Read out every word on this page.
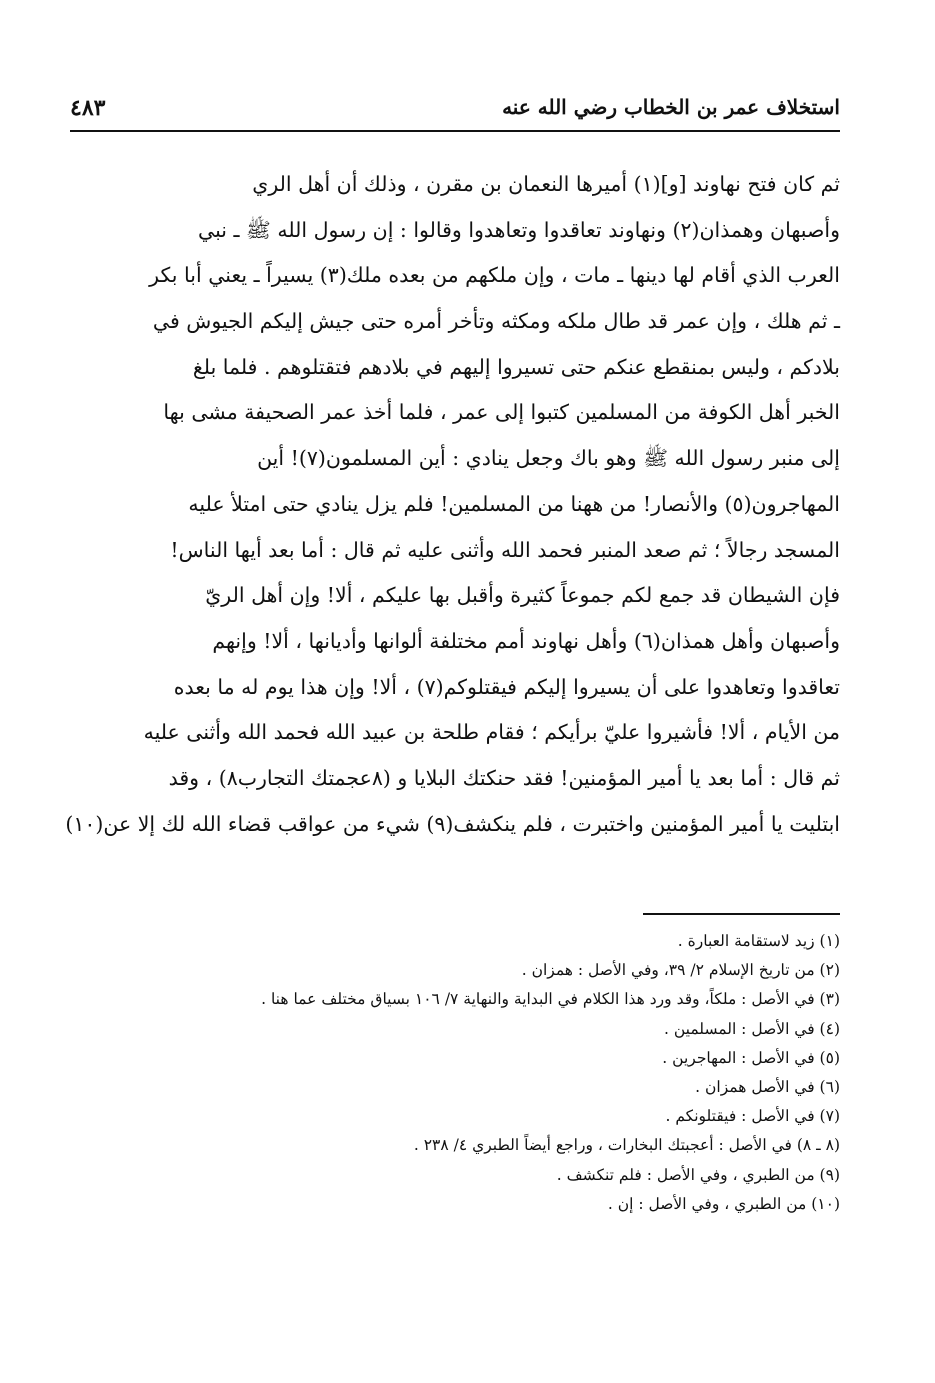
استخلاف عمر بن الخطاب رضي الله عنه
٤٨٣
ثم كان فتح نهاوند [و](١) أميرها النعمان بن مقرن ، وذلك أن أهل الري
وأصبهان وهمذان(٢) ونهاوند تعاقدوا وتعاهدوا وقالوا : إن رسول الله ﷺ ـ نبي
العرب الذي أقام لها دينها ـ مات ، وإن ملكهم من بعده ملك(٣) يسيراً ـ يعني أبا بكر
ـ ثم هلك ، وإن عمر قد طال ملكه ومكثه وتأخر أمره حتى جيش إليكم الجيوش في
بلادكم ، وليس بمنقطع عنكم حتى تسيروا إليهم في بلادهم فتقتلوهم . فلما بلغ
الخبر أهل الكوفة من المسلمين كتبوا إلى عمر ، فلما أخذ عمر الصحيفة مشى بها
إلى منبر رسول الله ﷺ وهو باك وجعل ينادي : أين المسلمون(٧)! أين
المهاجرون(٥) والأنصار! من ههنا من المسلمين! فلم يزل ينادي حتى امتلأ عليه
المسجد رجالاً ؛ ثم صعد المنبر فحمد الله وأثنى عليه ثم قال : أما بعد أيها الناس!
فإن الشيطان قد جمع لكم جموعاً كثيرة وأقبل بها عليكم ، ألا! وإن أهل الريّ
وأصبهان وأهل همذان(٦) وأهل نهاوند أمم مختلفة ألوانها وأديانها ، ألا! وإنهم
تعاقدوا وتعاهدوا على أن يسيروا إليكم فيقتلوكم(٧) ، ألا! وإن هذا يوم له ما بعده
من الأيام ، ألا! فأشيروا عليّ برأيكم ؛ فقام طلحة بن عبيد الله فحمد الله وأثنى عليه
ثم قال : أما بعد يا أمير المؤمنين! فقد حنكتك البلايا و (٨عجمتك التجارب٨) ، وقد
ابتليت يا أمير المؤمنين واختبرت ، فلم ينكشف(٩) شيء من عواقب قضاء الله لك إلا عن(١٠)
(١) زيد لاستقامة العبارة .
(٢) من تاريخ الإسلام ٢/ ٣٩، وفي الأصل : همزان .
(٣) في الأصل : ملكاً، وقد ورد هذا الكلام في البداية والنهاية ٧/ ١٠٦ بسياق مختلف عما هنا .
(٤) في الأصل : المسلمين .
(٥) في الأصل : المهاجرين .
(٦) في الأصل همزان .
(٧) في الأصل : فيقتلونكم .
(٨ ـ ٨) في الأصل : أعجبتك البخارات ، وراجع أيضاً الطبري ٤/ ٢٣٨ .
(٩) من الطبري ، وفي الأصل : فلم تنكشف .
(١٠) من الطبري ، وفي الأصل : إن .
